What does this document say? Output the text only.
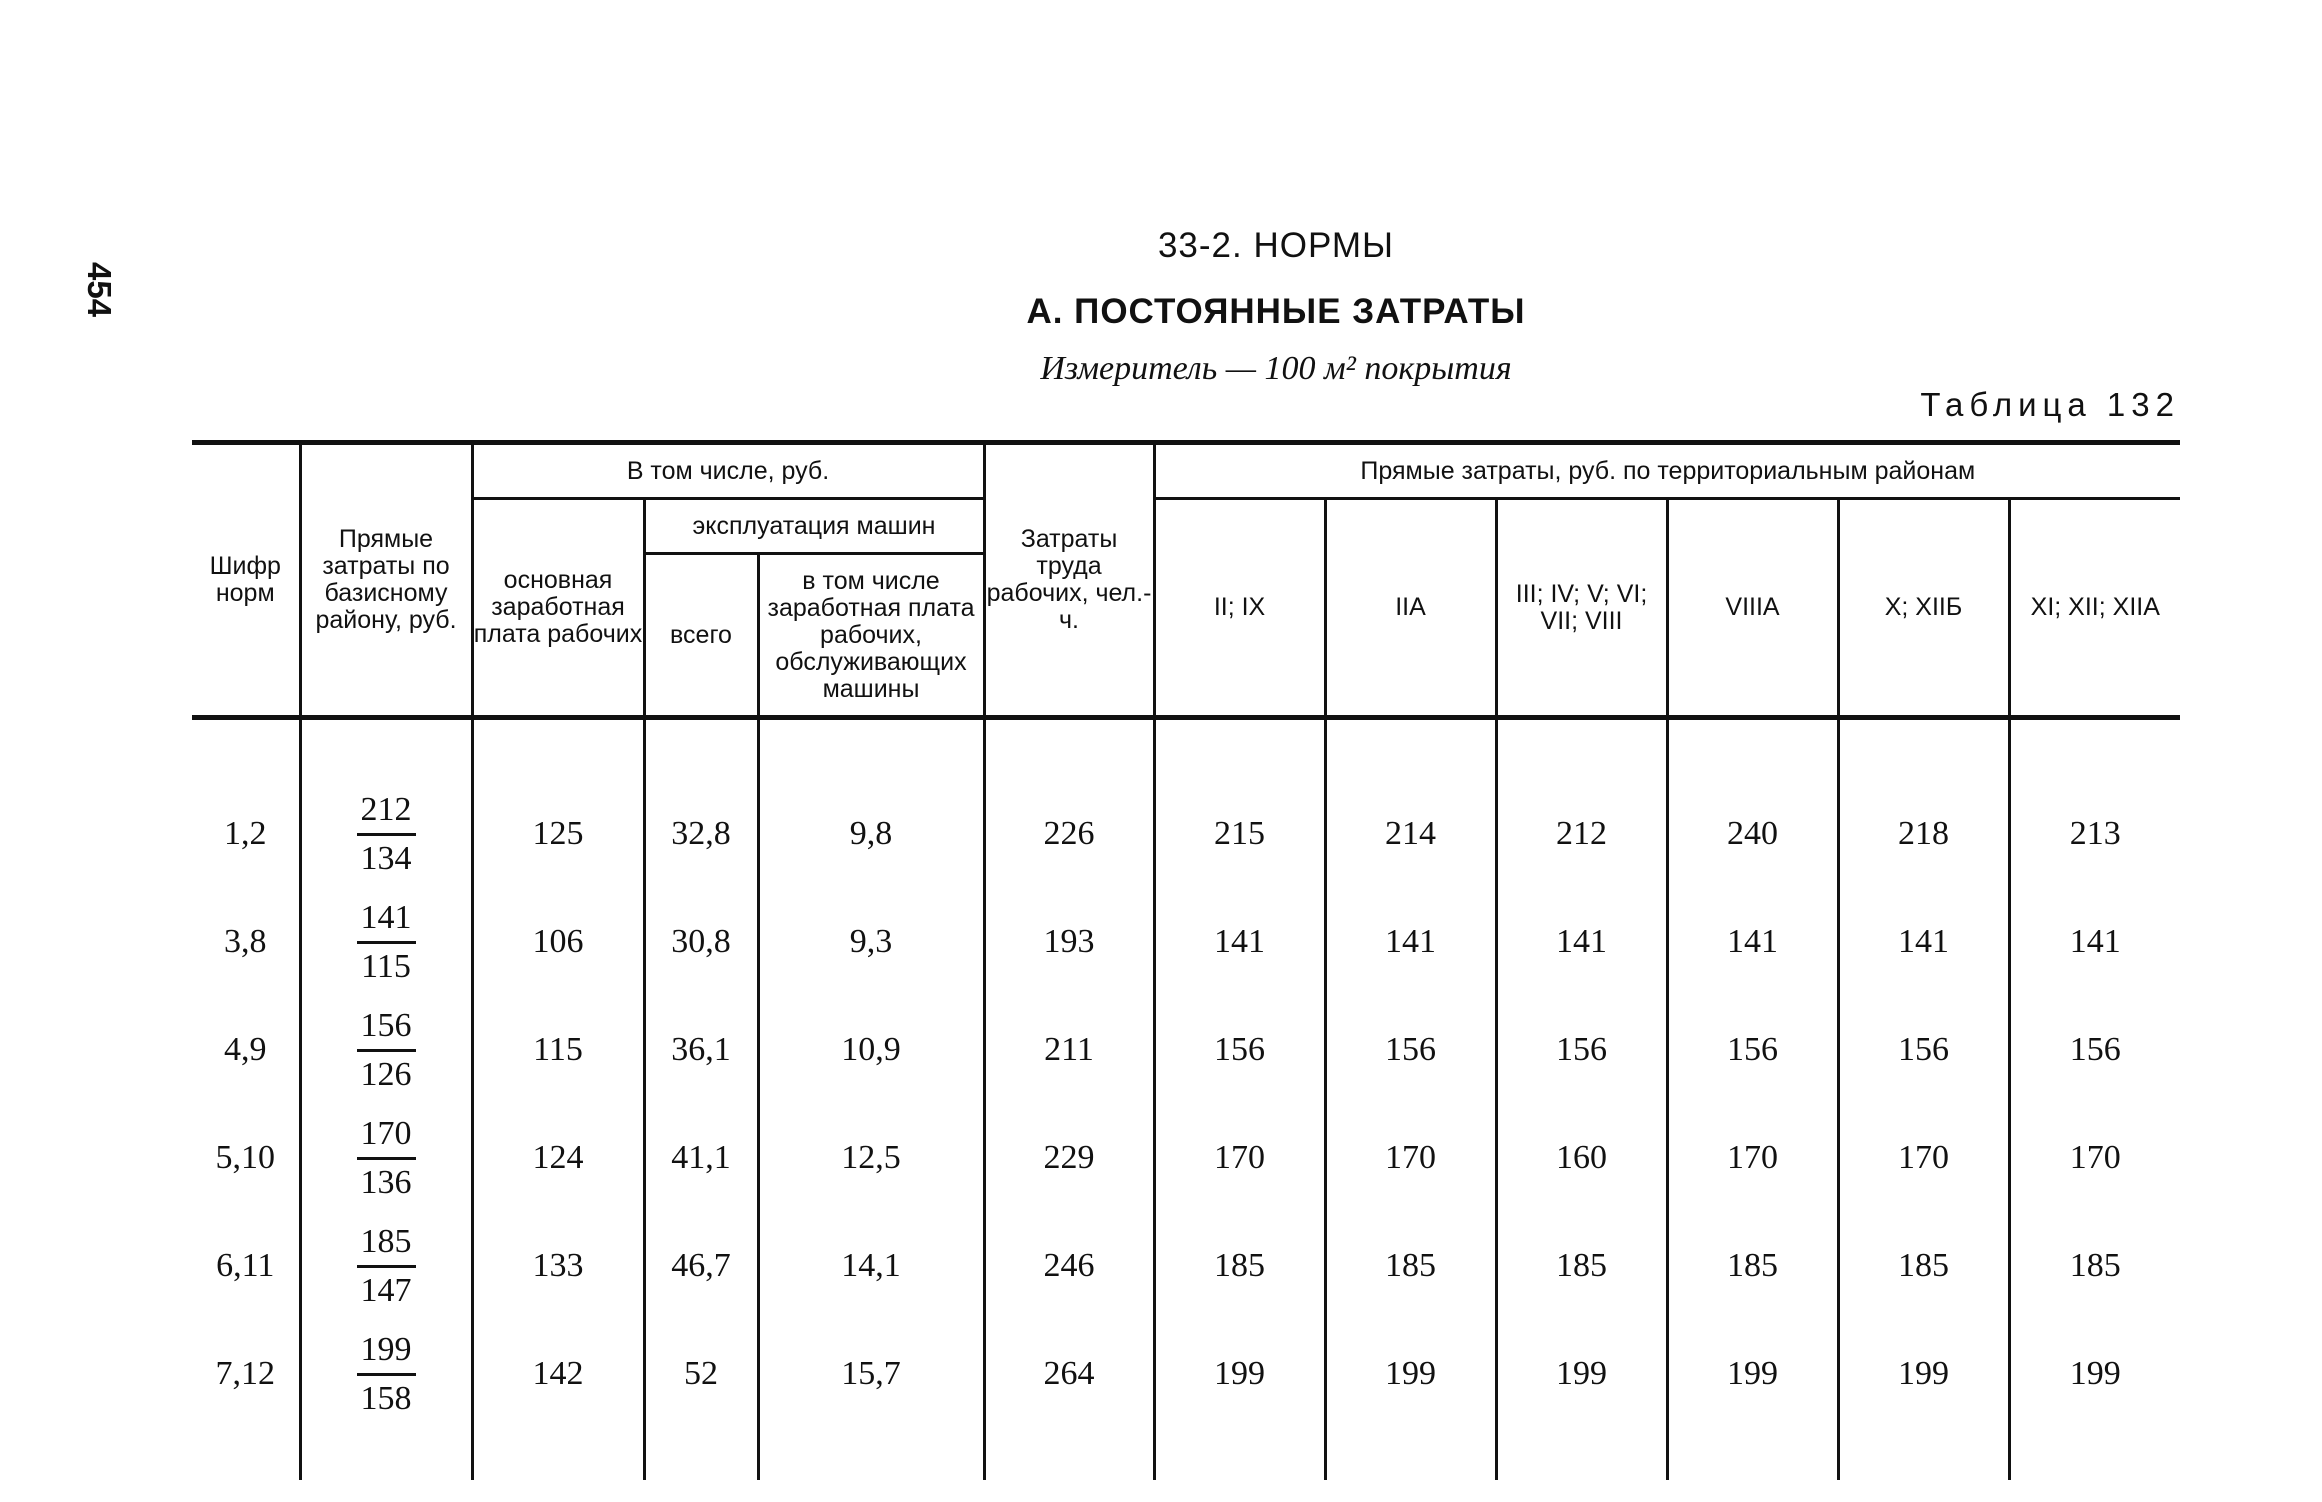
454
33-2. НОРМЫ
А. ПОСТОЯННЫЕ ЗАТРАТЫ
Измеритель — 100 м² покрытия
Таблица 132
Шифр норм	Прямые затраты по базисному району, руб.	В том числе, руб.			Затраты труда рабочих, чел.-ч.	Прямые затраты, руб. по территориальным районам					
		основная заработная плата рабочих	эксплуатация машин			II; IX	IIА	III; IV; V; VI; VII; VIII	VIIIА	X; XIIБ	XI; XII; XIIА
			всего	в том числе заработная плата рабочих, обслуживающих машины							
1,2	$\frac{212}{134}$	125	32,8	9,8	226	215	214	212	240	218	213
3,8	$\frac{141}{115}$	106	30,8	9,3	193	141	141	141	141	141	141
4,9	$\frac{156}{126}$	115	36,1	10,9	211	156	156	156	156	156	156
5,10	$\frac{170}{136}$	124	41,1	12,5	229	170	170	160	170	170	170
6,11	$\frac{185}{147}$	133	46,7	14,1	246	185	185	185	185	185	185
7,12	$\frac{199}{158}$	142	52	15,7	264	199	199	199	199	199	199
